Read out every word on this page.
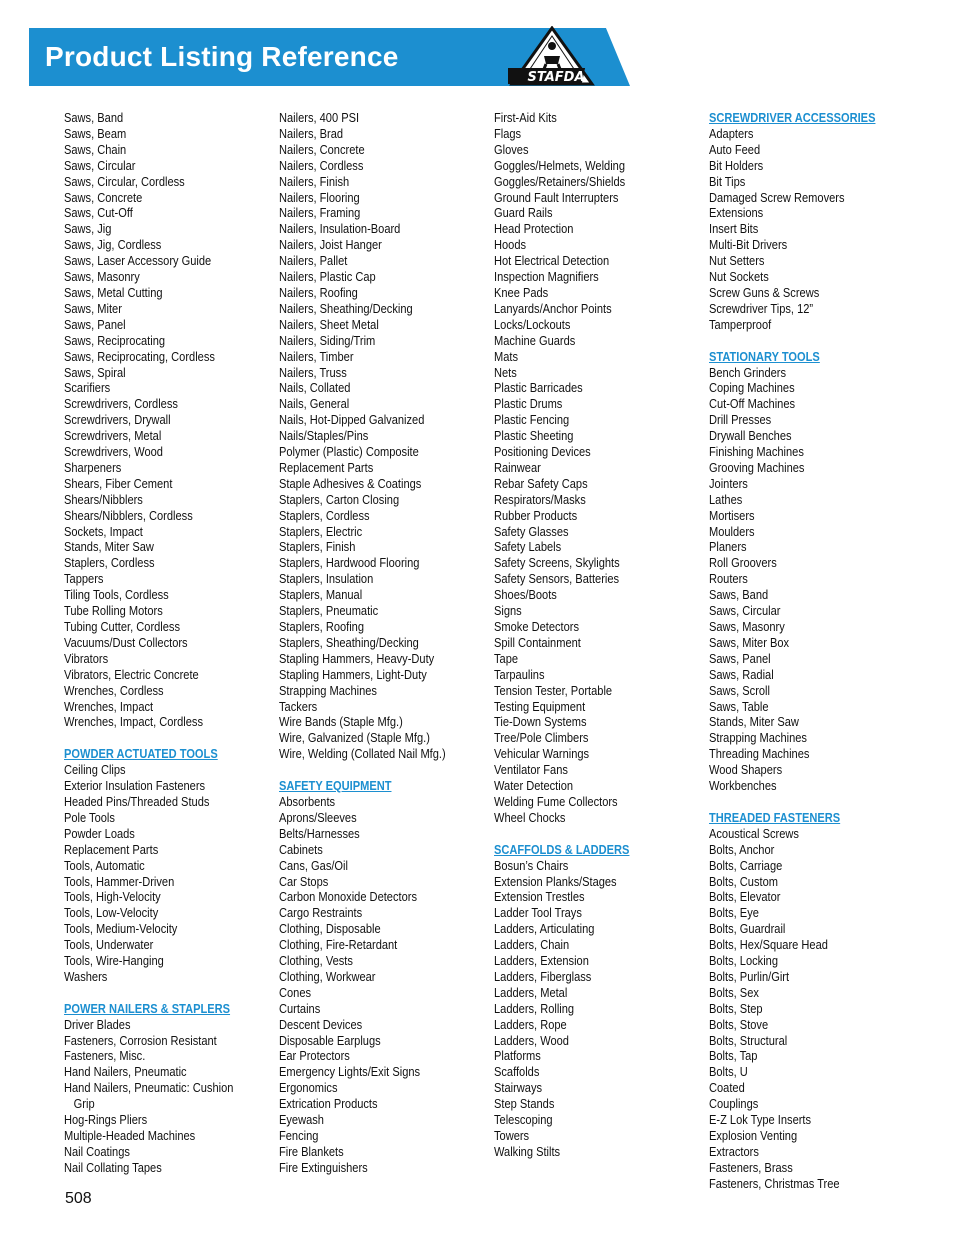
Product Listing Reference
STAFDA
Saws, Band
Saws, Beam
Saws, Chain
Saws, Circular
Saws, Circular, Cordless
Saws, Concrete
Saws, Cut-Off
Saws, Jig
Saws, Jig, Cordless
Saws, Laser Accessory Guide
Saws, Masonry
Saws, Metal Cutting
Saws, Miter
Saws, Panel
Saws, Reciprocating
Saws, Reciprocating, Cordless
Saws, Spiral
Scarifiers
Screwdrivers, Cordless
Screwdrivers, Drywall
Screwdrivers, Metal
Screwdrivers, Wood
Sharpeners
Shears, Fiber Cement
Shears/Nibblers
Shears/Nibblers, Cordless
Sockets, Impact
Stands, Miter Saw
Staplers, Cordless
Tappers
Tiling Tools, Cordless
Tube Rolling Motors
Tubing Cutter, Cordless
Vacuums/Dust Collectors
Vibrators
Vibrators, Electric Concrete
Wrenches, Cordless
Wrenches, Impact
Wrenches, Impact, Cordless
POWDER ACTUATED TOOLS
Ceiling Clips
Exterior Insulation Fasteners
Headed Pins/Threaded Studs
Pole Tools
Powder Loads
Replacement Parts
Tools, Automatic
Tools, Hammer-Driven
Tools, High-Velocity
Tools, Low-Velocity
Tools, Medium-Velocity
Tools, Underwater
Tools, Wire-Hanging
Washers
POWER NAILERS & STAPLERS
Driver Blades
Fasteners, Corrosion Resistant
Fasteners, Misc.
Hand Nailers, Pneumatic
Hand Nailers, Pneumatic: Cushion
Grip
Hog-Rings Pliers
Multiple-Headed Machines
Nail Coatings
Nail Collating Tapes
Nailers, 400 PSI
Nailers, Brad
Nailers, Concrete
Nailers, Cordless
Nailers, Finish
Nailers, Flooring
Nailers, Framing
Nailers, Insulation-Board
Nailers, Joist Hanger
Nailers, Pallet
Nailers, Plastic Cap
Nailers, Roofing
Nailers, Sheathing/Decking
Nailers, Sheet Metal
Nailers, Siding/Trim
Nailers, Timber
Nailers, Truss
Nails, Collated
Nails, General
Nails, Hot-Dipped Galvanized
Nails/Staples/Pins
Polymer (Plastic) Composite
Replacement Parts
Staple Adhesives & Coatings
Staplers, Carton Closing
Staplers, Cordless
Staplers, Electric
Staplers, Finish
Staplers, Hardwood Flooring
Staplers, Insulation
Staplers, Manual
Staplers, Pneumatic
Staplers, Roofing
Staplers, Sheathing/Decking
Stapling Hammers, Heavy-Duty
Stapling Hammers, Light-Duty
Strapping Machines
Tackers
Wire Bands (Staple Mfg.)
Wire, Galvanized (Staple Mfg.)
Wire, Welding (Collated Nail Mfg.)
SAFETY EQUIPMENT
Absorbents
Aprons/Sleeves
Belts/Harnesses
Cabinets
Cans, Gas/Oil
Car Stops
Carbon Monoxide Detectors
Cargo Restraints
Clothing, Disposable
Clothing, Fire-Retardant
Clothing, Vests
Clothing, Workwear
Cones
Curtains
Descent Devices
Disposable Earplugs
Ear Protectors
Emergency Lights/Exit Signs
Ergonomics
Extrication Products
Eyewash
Fencing
Fire Blankets
Fire Extinguishers
First-Aid Kits
Flags
Gloves
Goggles/Helmets, Welding
Goggles/Retainers/Shields
Ground Fault Interrupters
Guard Rails
Head Protection
Hoods
Hot Electrical Detection
Inspection Magnifiers
Knee Pads
Lanyards/Anchor Points
Locks/Lockouts
Machine Guards
Mats
Nets
Plastic Barricades
Plastic Drums
Plastic Fencing
Plastic Sheeting
Positioning Devices
Rainwear
Rebar Safety Caps
Respirators/Masks
Rubber Products
Safety Glasses
Safety Labels
Safety Screens, Skylights
Safety Sensors, Batteries
Shoes/Boots
Signs
Smoke Detectors
Spill Containment
Tape
Tarpaulins
Tension Tester, Portable
Testing Equipment
Tie-Down Systems
Tree/Pole Climbers
Vehicular Warnings
Ventilator Fans
Water Detection
Welding Fume Collectors
Wheel Chocks
SCAFFOLDS & LADDERS
Bosun’s Chairs
Extension Planks/Stages
Extension Trestles
Ladder Tool Trays
Ladders, Articulating
Ladders, Chain
Ladders, Extension
Ladders, Fiberglass
Ladders, Metal
Ladders, Rolling
Ladders, Rope
Ladders, Wood
Platforms
Scaffolds
Stairways
Step Stands
Telescoping
Towers
Walking Stilts
SCREWDRIVER ACCESSORIES
Adapters
Auto Feed
Bit Holders
Bit Tips
Damaged Screw Removers
Extensions
Insert Bits
Multi-Bit Drivers
Nut Setters
Nut Sockets
Screw Guns & Screws
Screwdriver Tips, 12”
Tamperproof
STATIONARY TOOLS
Bench Grinders
Coping Machines
Cut-Off Machines
Drill Presses
Drywall Benches
Finishing Machines
Grooving Machines
Jointers
Lathes
Mortisers
Moulders
Planers
Roll Groovers
Routers
Saws, Band
Saws, Circular
Saws, Masonry
Saws, Miter Box
Saws, Panel
Saws, Radial
Saws, Scroll
Saws, Table
Stands, Miter Saw
Strapping Machines
Threading Machines
Wood Shapers
Workbenches
THREADED FASTENERS
Acoustical Screws
Bolts, Anchor
Bolts, Carriage
Bolts, Custom
Bolts, Elevator
Bolts, Eye
Bolts, Guardrail
Bolts, Hex/Square Head
Bolts, Locking
Bolts, Purlin/Girt
Bolts, Sex
Bolts, Step
Bolts, Stove
Bolts, Structural
Bolts, Tap
Bolts, U
Coated
Couplings
E-Z Lok Type Inserts
Explosion Venting
Extractors
Fasteners, Brass
Fasteners, Christmas Tree
508
